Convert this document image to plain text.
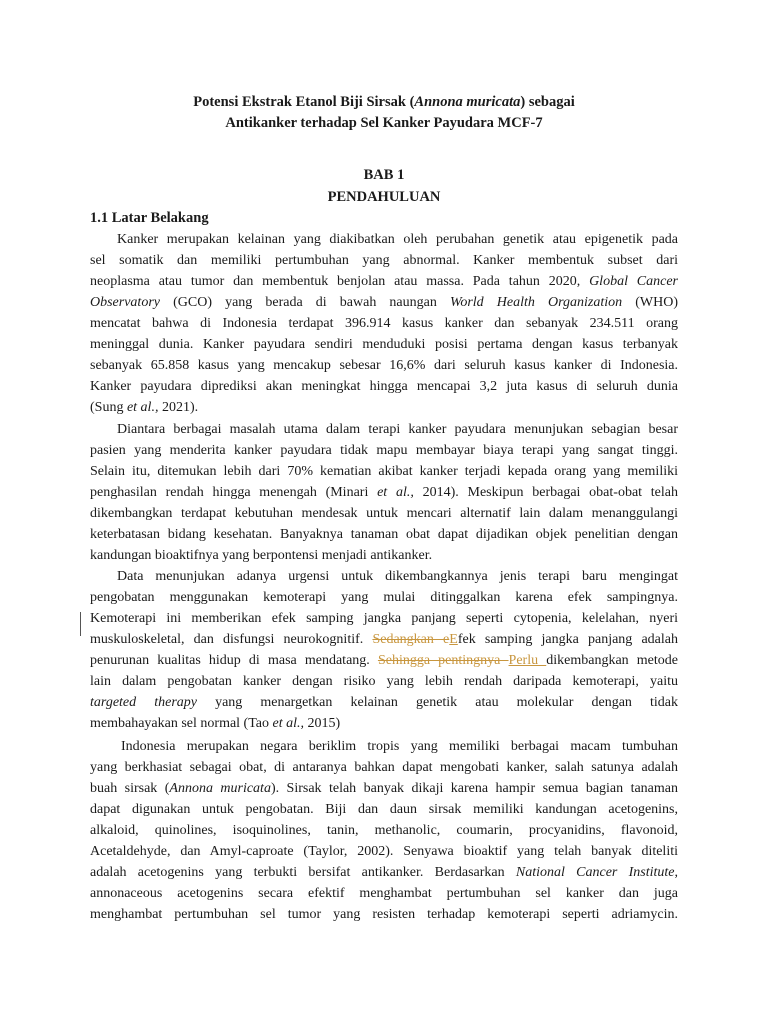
Potensi Ekstrak Etanol Biji Sirsak (Annona muricata) sebagai
Antikanker terhadap Sel Kanker Payudara MCF-7
BAB 1
PENDAHULUAN
1.1 Latar Belakang
Kanker merupakan kelainan yang diakibatkan oleh perubahan genetik atau epigenetik pada
sel somatik dan memiliki pertumbuhan yang abnormal. Kanker membentuk subset dari
neoplasma atau tumor dan membentuk benjolan atau massa. Pada tahun 2020, Global Cancer
Observatory (GCO) yang berada di bawah naungan World Health Organization (WHO)
mencatat bahwa di Indonesia terdapat 396.914 kasus kanker dan sebanyak 234.511 orang
meninggal dunia. Kanker payudara sendiri menduduki posisi pertama dengan kasus terbanyak
sebanyak 65.858 kasus yang mencakup sebesar 16,6% dari seluruh kasus kanker di Indonesia.
Kanker payudara diprediksi akan meningkat hingga mencapai 3,2 juta kasus di seluruh dunia
(Sung et al., 2021).
Diantara berbagai masalah utama dalam terapi kanker payudara menunjukan sebagian besar
pasien yang menderita kanker payudara tidak mapu membayar biaya terapi yang sangat tinggi.
Selain itu, ditemukan lebih dari 70% kematian akibat kanker terjadi kepada orang yang memiliki
penghasilan rendah hingga menengah (Minari et al., 2014). Meskipun berbagai obat-obat telah
dikembangkan terdapat kebutuhan mendesak untuk mencari alternatif lain dalam menanggulangi
keterbatasan bidang kesehatan. Banyaknya tanaman obat dapat dijadikan objek penelitian dengan
kandungan bioaktifnya yang berpontensi menjadi antikanker.
Data menunjukan adanya urgensi untuk dikembangkannya jenis terapi baru mengingat
pengobatan menggunakan kemoterapi yang mulai ditinggalkan karena efek sampingnya.
Kemoterapi ini memberikan efek samping jangka panjang seperti cytopenia, kelelahan, nyeri
muskuloskeletal, dan disfungsi neurokognitif. Sedangkan eEfek samping jangka panjang adalah
penurunan kualitas hidup di masa mendatang. Sehingga pentingnya Perlu dikembangkan metode
lain dalam pengobatan kanker dengan risiko yang lebih rendah daripada kemoterapi, yaitu
targeted therapy yang menargetkan kelainan genetik atau molekular dengan tidak
membahayakan sel normal (Tao et al., 2015)
Indonesia merupakan negara beriklim tropis yang memiliki berbagai macam tumbuhan
yang berkhasiat sebagai obat, di antaranya bahkan dapat mengobati kanker, salah satunya adalah
buah sirsak (Annona muricata). Sirsak telah banyak dikaji karena hampir semua bagian tanaman
dapat digunakan untuk pengobatan. Biji dan daun sirsak memiliki kandungan acetogenins,
alkaloid, quinolines, isoquinolines, tanin, methanolic, coumarin, procyanidins, flavonoid,
Acetaldehyde, dan Amyl-caproate (Taylor, 2002). Senyawa bioaktif yang telah banyak diteliti
adalah acetogenins yang terbukti bersifat antikanker. Berdasarkan National Cancer Institute,
annonaceous acetogenins secara efektif menghambat pertumbuhan sel kanker dan juga
menghambat pertumbuhan sel tumor yang resisten terhadap kemoterapi seperti adriamycin.
